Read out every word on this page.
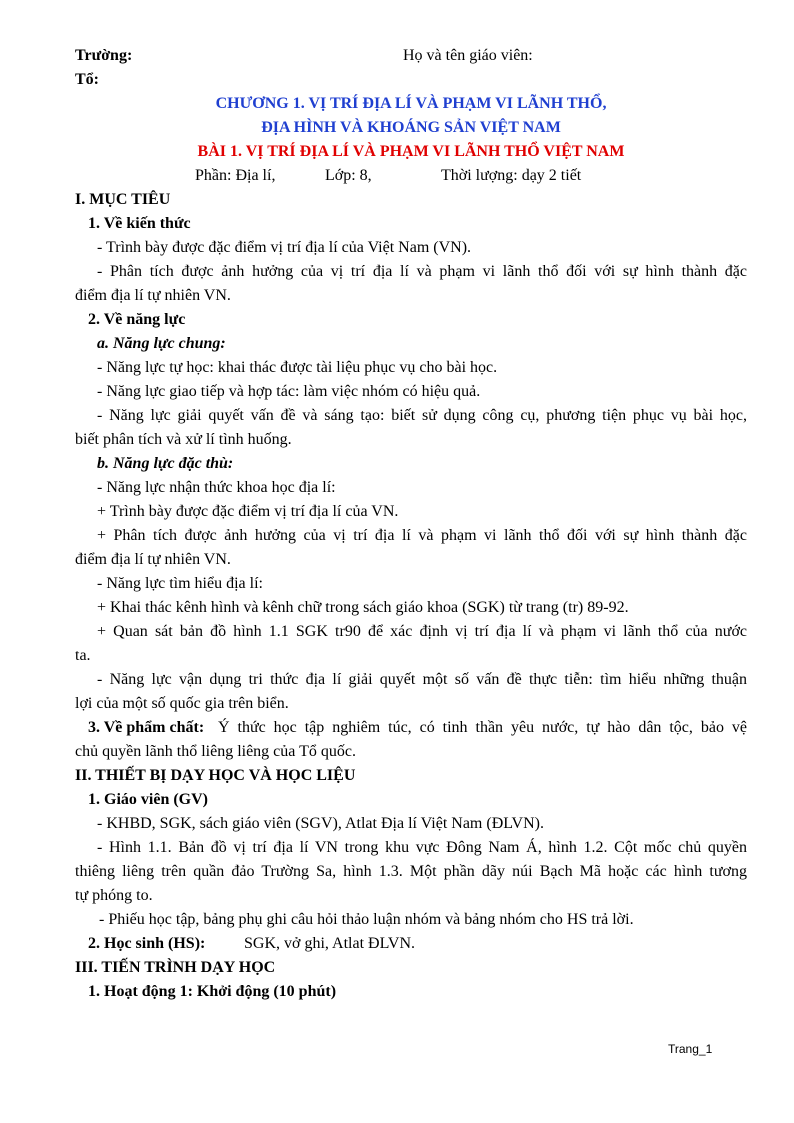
Trường:	Họ và tên giáo viên:
Tổ:
CHƯƠNG 1. VỊ TRÍ ĐỊA LÍ VÀ PHẠM VI LÃNH THỔ,
ĐỊA HÌNH VÀ KHOÁNG SẢN VIỆT NAM
BÀI 1. VỊ TRÍ ĐỊA LÍ VÀ PHẠM VI LÃNH THỔ VIỆT NAM
Phần: Địa lí,	Lớp: 8,	Thời lượng: dạy 2 tiết
I. MỤC TIÊU
1. Về kiến thức
- Trình bày được đặc điểm vị trí địa lí của Việt Nam (VN).
- Phân tích được ảnh hưởng của vị trí địa lí và phạm vi lãnh thổ đối với sự hình thành đặc
điểm địa lí tự nhiên VN.
2. Về năng lực
a. Năng lực chung:
- Năng lực tự học: khai thác được tài liệu phục vụ cho bài học.
- Năng lực giao tiếp và hợp tác: làm việc nhóm có hiệu quả.
- Năng lực giải quyết vấn đề và sáng tạo: biết sử dụng công cụ, phương tiện phục vụ bài học,
biết phân tích và xử lí tình huống.
b. Năng lực đặc thù:
- Năng lực nhận thức khoa học địa lí:
+ Trình bày được đặc điểm vị trí địa lí của VN.
+ Phân tích được ảnh hưởng của vị trí địa lí và phạm vi lãnh thổ đối với sự hình thành đặc
điểm địa lí tự nhiên VN.
- Năng lực tìm hiểu địa lí:
+ Khai thác kênh hình và kênh chữ trong sách giáo khoa (SGK) từ trang (tr) 89-92.
+ Quan sát bản đồ hình 1.1 SGK tr90 để xác định vị trí địa lí và phạm vi lãnh thổ của nước
ta.
- Năng lực vận dụng tri thức địa lí giải quyết một số vấn đề thực tiễn: tìm hiểu những thuận
lợi của một số quốc gia trên biển.
3. Về phẩm chất: Ý thức học tập nghiêm túc, có tinh thần yêu nước, tự hào dân tộc, bảo vệ
chủ quyền lãnh thổ liêng liêng của Tổ quốc.
II. THIẾT BỊ DẠY HỌC VÀ HỌC LIỆU
1. Giáo viên (GV)
- KHBD, SGK, sách giáo viên (SGV), Atlat Địa lí Việt Nam (ĐLVN).
- Hình 1.1. Bản đồ vị trí địa lí VN trong khu vực Đông Nam Á, hình 1.2. Cột mốc chủ quyền
thiêng liêng trên quần đảo Trường Sa, hình 1.3. Một phần dãy núi Bạch Mã hoặc các hình tương
tự phóng to.
- Phiếu học tập, bảng phụ ghi câu hỏi thảo luận nhóm và bảng nhóm cho HS trả lời.
2. Học sinh (HS):	SGK, vở ghi, Atlat ĐLVN.
III. TIẾN TRÌNH DẠY HỌC
1. Hoạt động 1: Khởi động (10 phút)
Trang_1
